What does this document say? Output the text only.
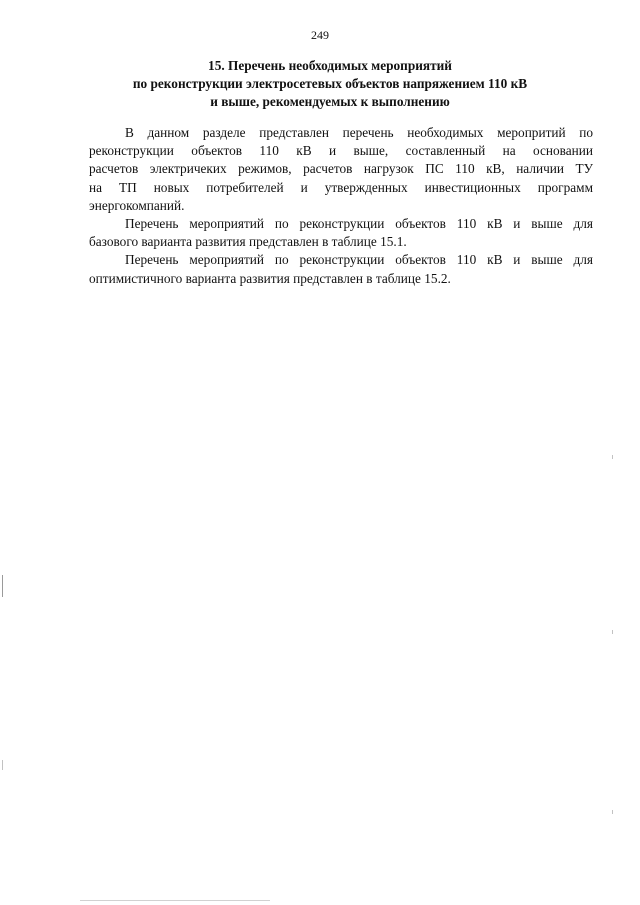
249
15. Перечень необходимых мероприятий
по реконструкции электросетевых объектов напряжением 110 кВ
и выше, рекомендуемых к выполнению

В данном разделе представлен перечень необходимых меропритий по
реконструкции объектов 110 кВ и выше, составленный на основании
расчетов электричеких режимов, расчетов нагрузок ПС 110 кВ, наличии ТУ
на ТП новых потребителей и утвержденных инвестиционных программ
энергокомпаний.

Перечень мероприятий по реконструкции объектов 110 кВ и выше для
базового варианта развития представлен в таблице 15.1.

Перечень мероприятий по реконструкции объектов 110 кВ и выше для
оптимистичного варианта развития представлен в таблице 15.2.
